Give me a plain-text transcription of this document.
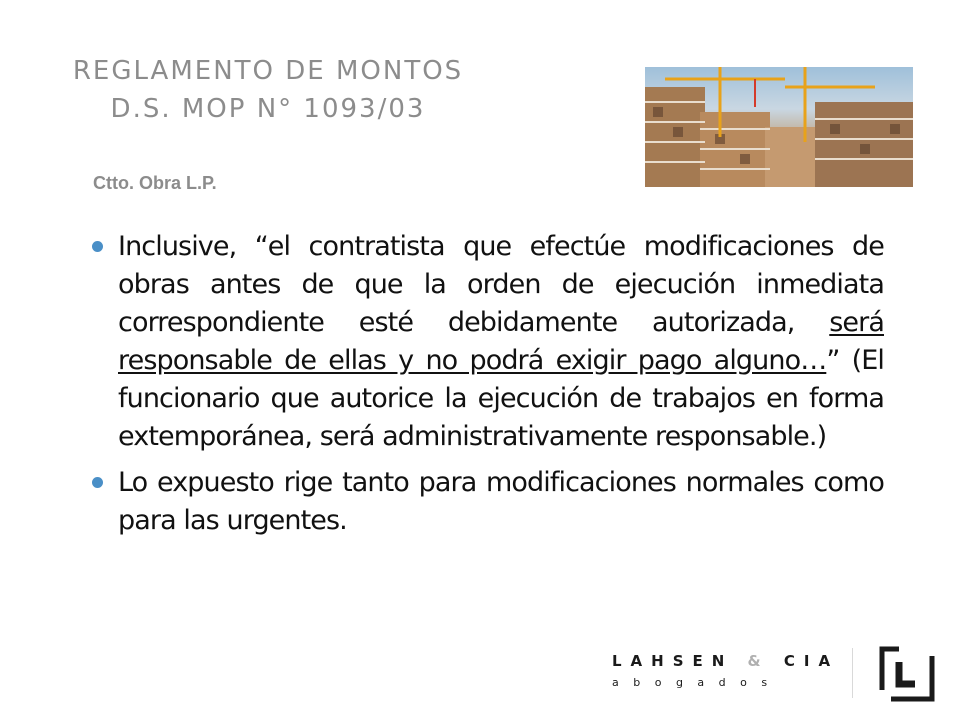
REGLAMENTO DE MONTOS
D.S. MOP N° 1093/03
Ctto. Obra L.P.
Inclusive, “el contratista que efectúe modificaciones de obras antes de que la orden de ejecución inmediata correspondiente esté debidamente autorizada, será responsable de ellas y no podrá exigir pago alguno…” (El funcionario que autorice la ejecución de trabajos en forma extemporánea, será administrativamente responsable.)
Lo expuesto rige tanto para modificaciones normales como para las urgentes.
LAHSEN & CIA
abogados
